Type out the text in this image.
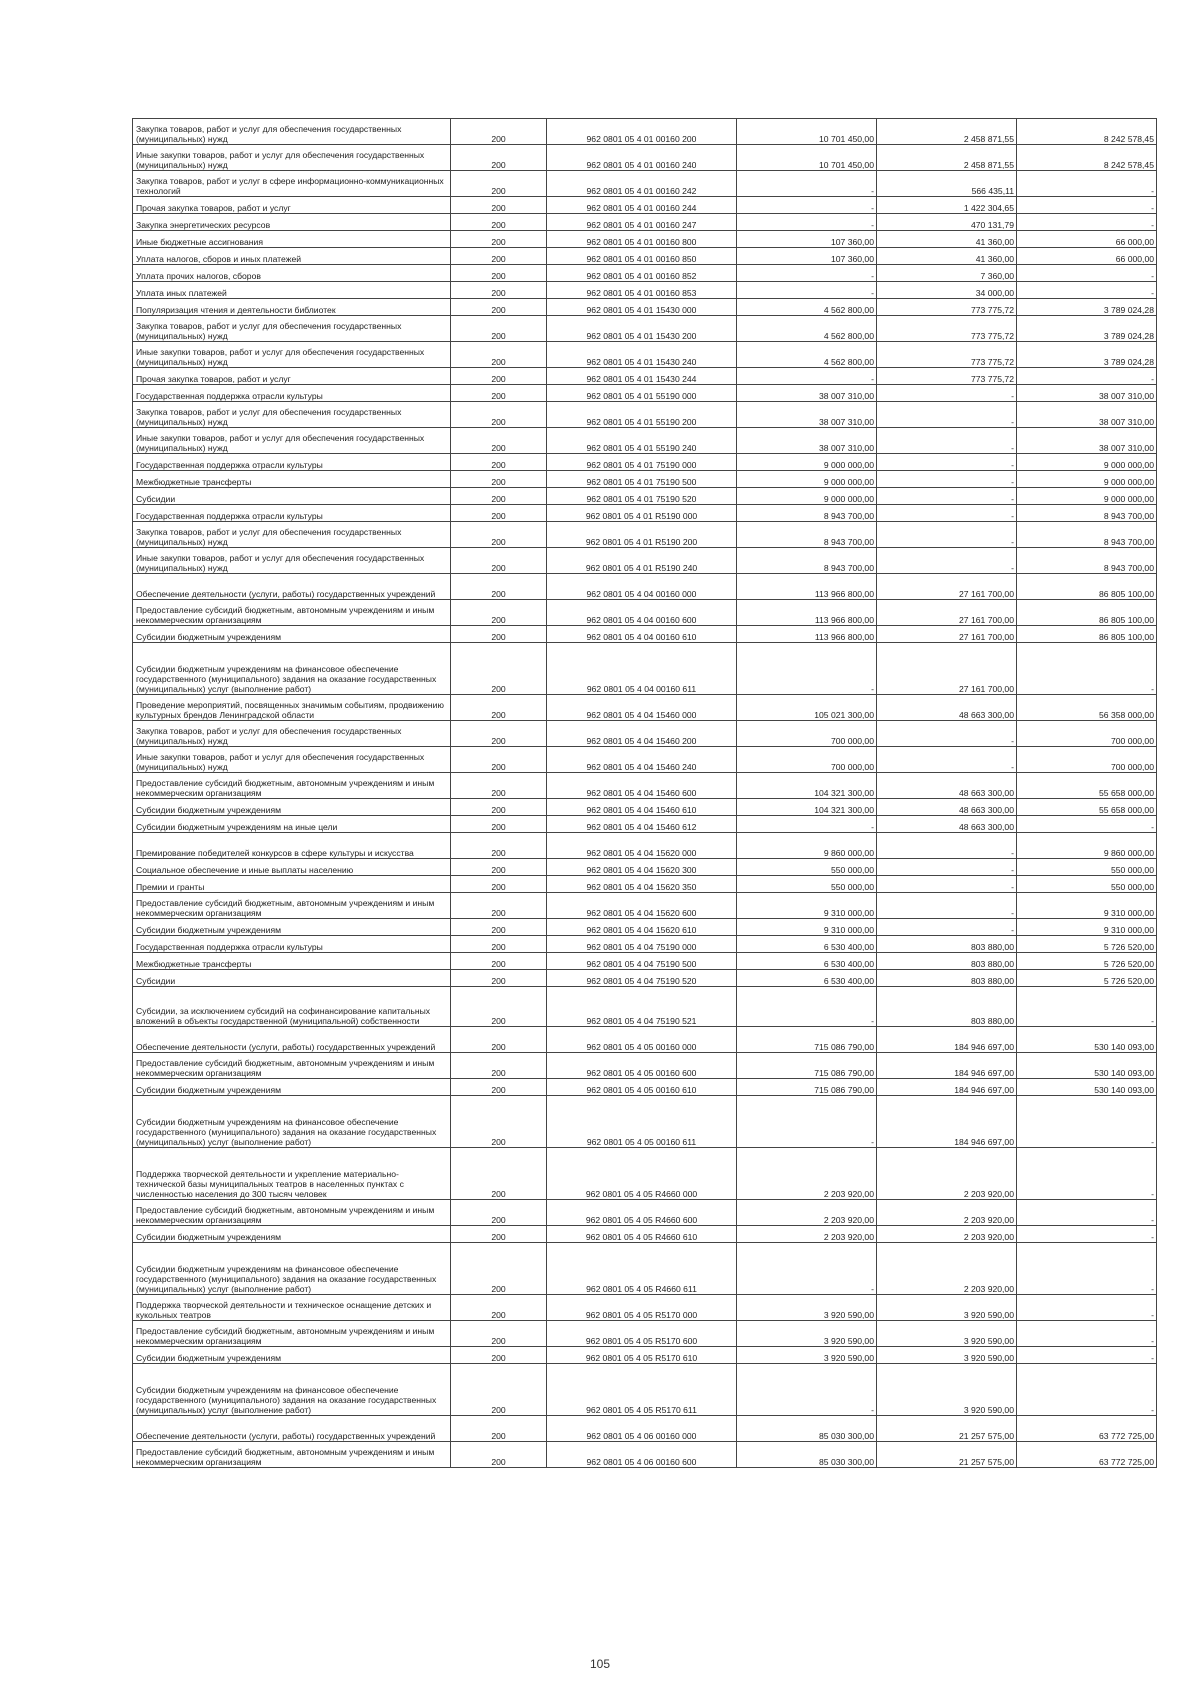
Закупка товаров, работ и услуг для обеспечения государственных (муниципальных) нужд	200	962 0801 05 4 01 00160 200	10 701 450,00	2 458 871,55	8 242 578,45
Иные закупки товаров, работ и услуг для обеспечения государственных (муниципальных) нужд	200	962 0801 05 4 01 00160 240	10 701 450,00	2 458 871,55	8 242 578,45
Закупка товаров, работ и услуг в сфере информационно-коммуникационных технологий	200	962 0801 05 4 01 00160 242	-	566 435,11	-
Прочая закупка товаров, работ и услуг	200	962 0801 05 4 01 00160 244	-	1 422 304,65	-
Закупка энергетических ресурсов	200	962 0801 05 4 01 00160 247	-	470 131,79	-
Иные бюджетные ассигнования	200	962 0801 05 4 01 00160 800	107 360,00	41 360,00	66 000,00
Уплата налогов, сборов и иных платежей	200	962 0801 05 4 01 00160 850	107 360,00	41 360,00	66 000,00
Уплата прочих налогов, сборов	200	962 0801 05 4 01 00160 852	-	7 360,00	-
Уплата иных платежей	200	962 0801 05 4 01 00160 853	-	34 000,00	-
Популяризация чтения и деятельности библиотек	200	962 0801 05 4 01 15430 000	4 562 800,00	773 775,72	3 789 024,28
Закупка товаров, работ и услуг для обеспечения государственных (муниципальных) нужд	200	962 0801 05 4 01 15430 200	4 562 800,00	773 775,72	3 789 024,28
Иные закупки товаров, работ и услуг для обеспечения государственных (муниципальных) нужд	200	962 0801 05 4 01 15430 240	4 562 800,00	773 775,72	3 789 024,28
Прочая закупка товаров, работ и услуг	200	962 0801 05 4 01 15430 244	-	773 775,72	-
Государственная поддержка отрасли культуры	200	962 0801 05 4 01 55190 000	38 007 310,00	-	38 007 310,00
Закупка товаров, работ и услуг для обеспечения государственных (муниципальных) нужд	200	962 0801 05 4 01 55190 200	38 007 310,00	-	38 007 310,00
Иные закупки товаров, работ и услуг для обеспечения государственных (муниципальных) нужд	200	962 0801 05 4 01 55190 240	38 007 310,00	-	38 007 310,00
Государственная поддержка отрасли культуры	200	962 0801 05 4 01 75190 000	9 000 000,00	-	9 000 000,00
Межбюджетные трансферты	200	962 0801 05 4 01 75190 500	9 000 000,00	-	9 000 000,00
Субсидии	200	962 0801 05 4 01 75190 520	9 000 000,00	-	9 000 000,00
Государственная поддержка отрасли культуры	200	962 0801 05 4 01 R5190 000	8 943 700,00	-	8 943 700,00
Закупка товаров, работ и услуг для обеспечения государственных (муниципальных) нужд	200	962 0801 05 4 01 R5190 200	8 943 700,00	-	8 943 700,00
Иные закупки товаров, работ и услуг для обеспечения государственных (муниципальных) нужд	200	962 0801 05 4 01 R5190 240	8 943 700,00	-	8 943 700,00
Обеспечение деятельности (услуги, работы) государственных учреждений	200	962 0801 05 4 04 00160 000	113 966 800,00	27 161 700,00	86 805 100,00
Предоставление субсидий бюджетным, автономным учреждениям и иным некоммерческим организациям	200	962 0801 05 4 04 00160 600	113 966 800,00	27 161 700,00	86 805 100,00
Субсидии бюджетным учреждениям	200	962 0801 05 4 04 00160 610	113 966 800,00	27 161 700,00	86 805 100,00
Субсидии бюджетным учреждениям на финансовое обеспечение государственного (муниципального) задания на оказание государственных (муниципальных) услуг (выполнение работ)	200	962 0801 05 4 04 00160 611	-	27 161 700,00	-
Проведение мероприятий, посвященных значимым событиям, продвижению культурных брендов Ленинградской области	200	962 0801 05 4 04 15460 000	105 021 300,00	48 663 300,00	56 358 000,00
Закупка товаров, работ и услуг для обеспечения государственных (муниципальных) нужд	200	962 0801 05 4 04 15460 200	700 000,00	-	700 000,00
Иные закупки товаров, работ и услуг для обеспечения государственных (муниципальных) нужд	200	962 0801 05 4 04 15460 240	700 000,00	-	700 000,00
Предоставление субсидий бюджетным, автономным учреждениям и иным некоммерческим организациям	200	962 0801 05 4 04 15460 600	104 321 300,00	48 663 300,00	55 658 000,00
Субсидии бюджетным учреждениям	200	962 0801 05 4 04 15460 610	104 321 300,00	48 663 300,00	55 658 000,00
Субсидии бюджетным учреждениям на иные цели	200	962 0801 05 4 04 15460 612	-	48 663 300,00	-
Премирование победителей конкурсов в сфере культуры и искусства	200	962 0801 05 4 04 15620 000	9 860 000,00	-	9 860 000,00
Социальное обеспечение и иные выплаты населению	200	962 0801 05 4 04 15620 300	550 000,00	-	550 000,00
Премии и гранты	200	962 0801 05 4 04 15620 350	550 000,00	-	550 000,00
Предоставление субсидий бюджетным, автономным учреждениям и иным некоммерческим организациям	200	962 0801 05 4 04 15620 600	9 310 000,00	-	9 310 000,00
Субсидии бюджетным учреждениям	200	962 0801 05 4 04 15620 610	9 310 000,00	-	9 310 000,00
Государственная поддержка отрасли культуры	200	962 0801 05 4 04 75190 000	6 530 400,00	803 880,00	5 726 520,00
Межбюджетные трансферты	200	962 0801 05 4 04 75190 500	6 530 400,00	803 880,00	5 726 520,00
Субсидии	200	962 0801 05 4 04 75190 520	6 530 400,00	803 880,00	5 726 520,00
Субсидии, за исключением субсидий на софинансирование капитальных вложений в объекты государственной (муниципальной) собственности	200	962 0801 05 4 04 75190 521	-	803 880,00	-
Обеспечение деятельности (услуги, работы) государственных учреждений	200	962 0801 05 4 05 00160 000	715 086 790,00	184 946 697,00	530 140 093,00
Предоставление субсидий бюджетным, автономным учреждениям и иным некоммерческим организациям	200	962 0801 05 4 05 00160 600	715 086 790,00	184 946 697,00	530 140 093,00
Субсидии бюджетным учреждениям	200	962 0801 05 4 05 00160 610	715 086 790,00	184 946 697,00	530 140 093,00
Субсидии бюджетным учреждениям на финансовое обеспечение государственного (муниципального) задания на оказание государственных (муниципальных) услуг (выполнение работ)	200	962 0801 05 4 05 00160 611	-	184 946 697,00	-
Поддержка творческой деятельности и укрепление материально-технической базы муниципальных театров в населенных пунктах с численностью населения до 300 тысяч человек	200	962 0801 05 4 05 R4660 000	2 203 920,00	2 203 920,00	-
Предоставление субсидий бюджетным, автономным учреждениям и иным некоммерческим организациям	200	962 0801 05 4 05 R4660 600	2 203 920,00	2 203 920,00	-
Субсидии бюджетным учреждениям	200	962 0801 05 4 05 R4660 610	2 203 920,00	2 203 920,00	-
Субсидии бюджетным учреждениям на финансовое обеспечение государственного (муниципального) задания на оказание государственных (муниципальных) услуг (выполнение работ)	200	962 0801 05 4 05 R4660 611	-	2 203 920,00	-
Поддержка творческой деятельности и техническое оснащение детских и кукольных театров	200	962 0801 05 4 05 R5170 000	3 920 590,00	3 920 590,00	-
Предоставление субсидий бюджетным, автономным учреждениям и иным некоммерческим организациям	200	962 0801 05 4 05 R5170 600	3 920 590,00	3 920 590,00	-
Субсидии бюджетным учреждениям	200	962 0801 05 4 05 R5170 610	3 920 590,00	3 920 590,00	-
Субсидии бюджетным учреждениям на финансовое обеспечение государственного (муниципального) задания на оказание государственных (муниципальных) услуг (выполнение работ)	200	962 0801 05 4 05 R5170 611	-	3 920 590,00	-
Обеспечение деятельности (услуги, работы) государственных учреждений	200	962 0801 05 4 06 00160 000	85 030 300,00	21 257 575,00	63 772 725,00
Предоставление субсидий бюджетным, автономным учреждениям и иным некоммерческим организациям	200	962 0801 05 4 06 00160 600	85 030 300,00	21 257 575,00	63 772 725,00
105
